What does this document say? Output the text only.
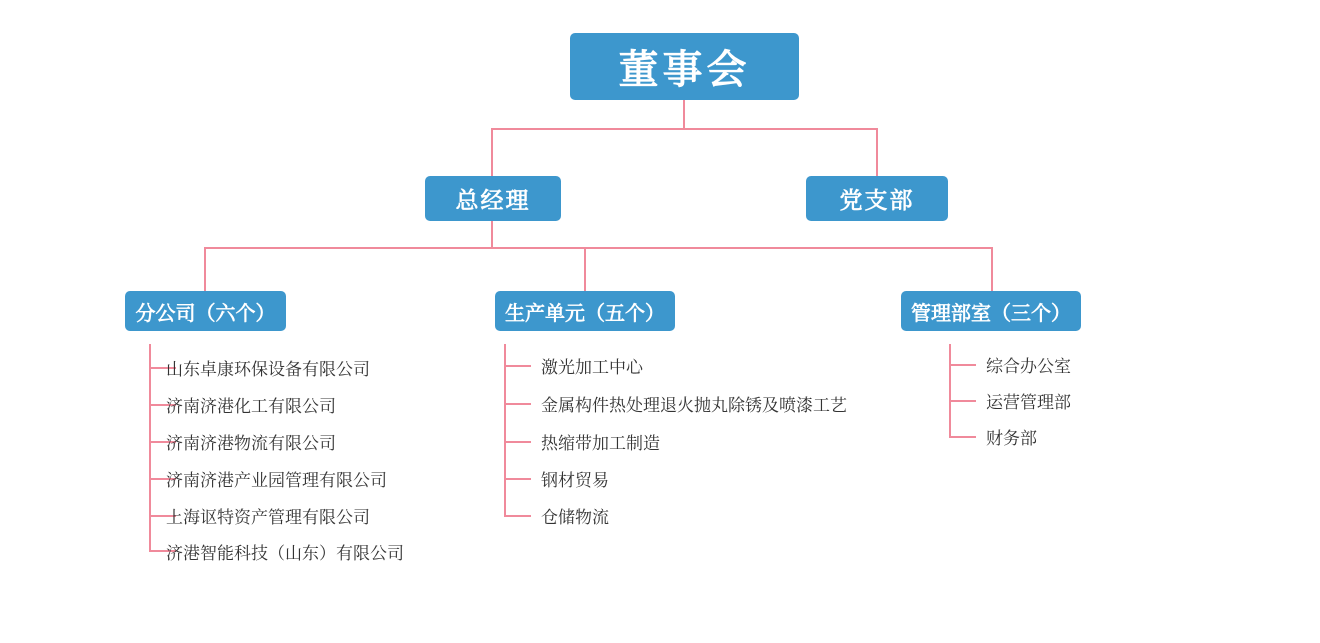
董事会
总经理	党支部
分公司（六个）	生产单元（五个）	管理部室（三个）
山东卓康环保设备有限公司
济南济港化工有限公司
济南济港物流有限公司
济南济港产业园管理有限公司
上海讴特资产管理有限公司
济港智能科技（山东）有限公司
激光加工中心
金属构件热处理退火抛丸除锈及喷漆工艺
热缩带加工制造
钢材贸易
仓储物流
综合办公室
运营管理部
财务部
